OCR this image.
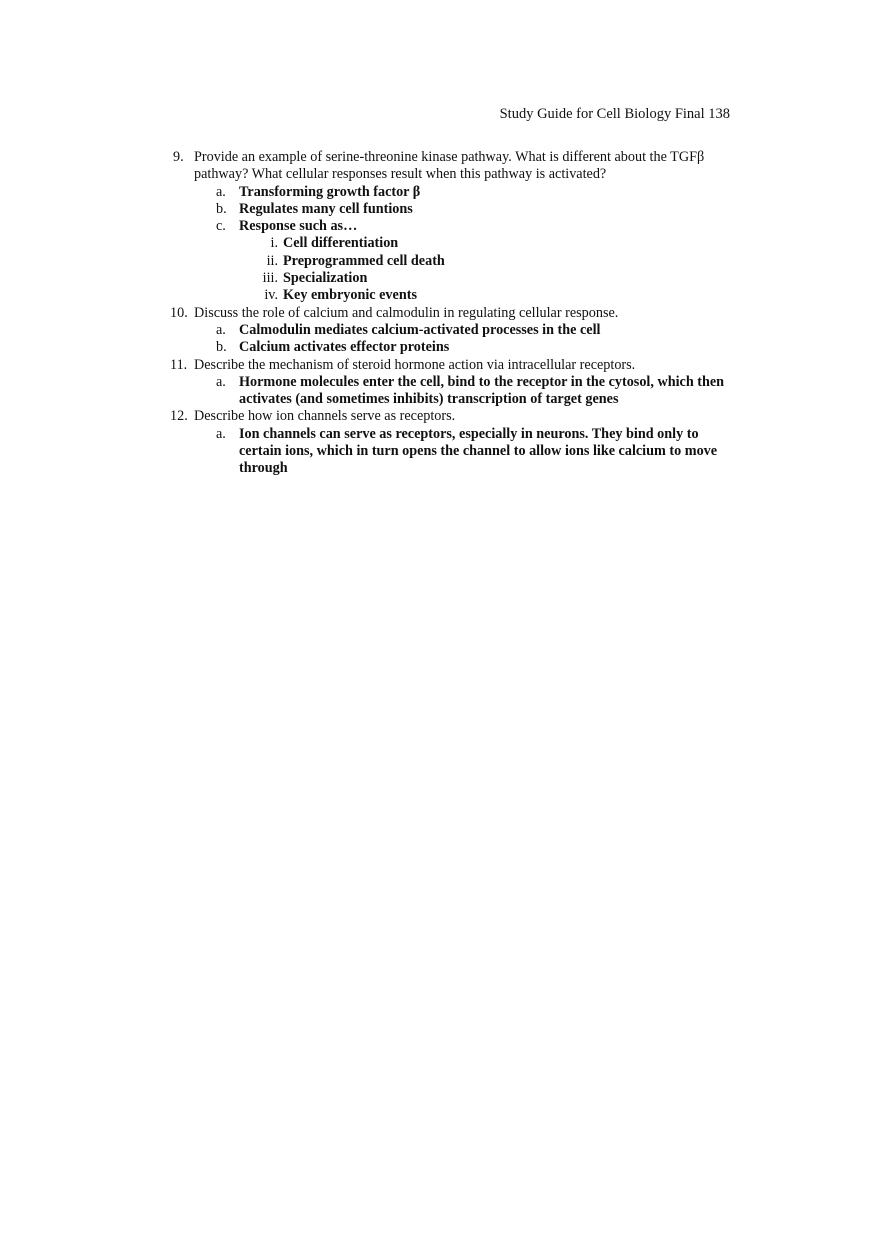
Study Guide for Cell Biology Final 138
9. Provide an example of serine-threonine kinase pathway. What is different about the TGFβ pathway? What cellular responses result when this pathway is activated?
a. Transforming growth factor β
b. Regulates many cell funtions
c. Response such as…
i. Cell differentiation
ii. Preprogrammed cell death
iii. Specialization
iv. Key embryonic events
10. Discuss the role of calcium and calmodulin in regulating cellular response.
a. Calmodulin mediates calcium-activated processes in the cell
b. Calcium activates effector proteins
11. Describe the mechanism of steroid hormone action via intracellular receptors.
a. Hormone molecules enter the cell, bind to the receptor in the cytosol, which then activates (and sometimes inhibits) transcription of target genes
12. Describe how ion channels serve as receptors.
a. Ion channels can serve as receptors, especially in neurons. They bind only to certain ions, which in turn opens the channel to allow ions like calcium to move through
